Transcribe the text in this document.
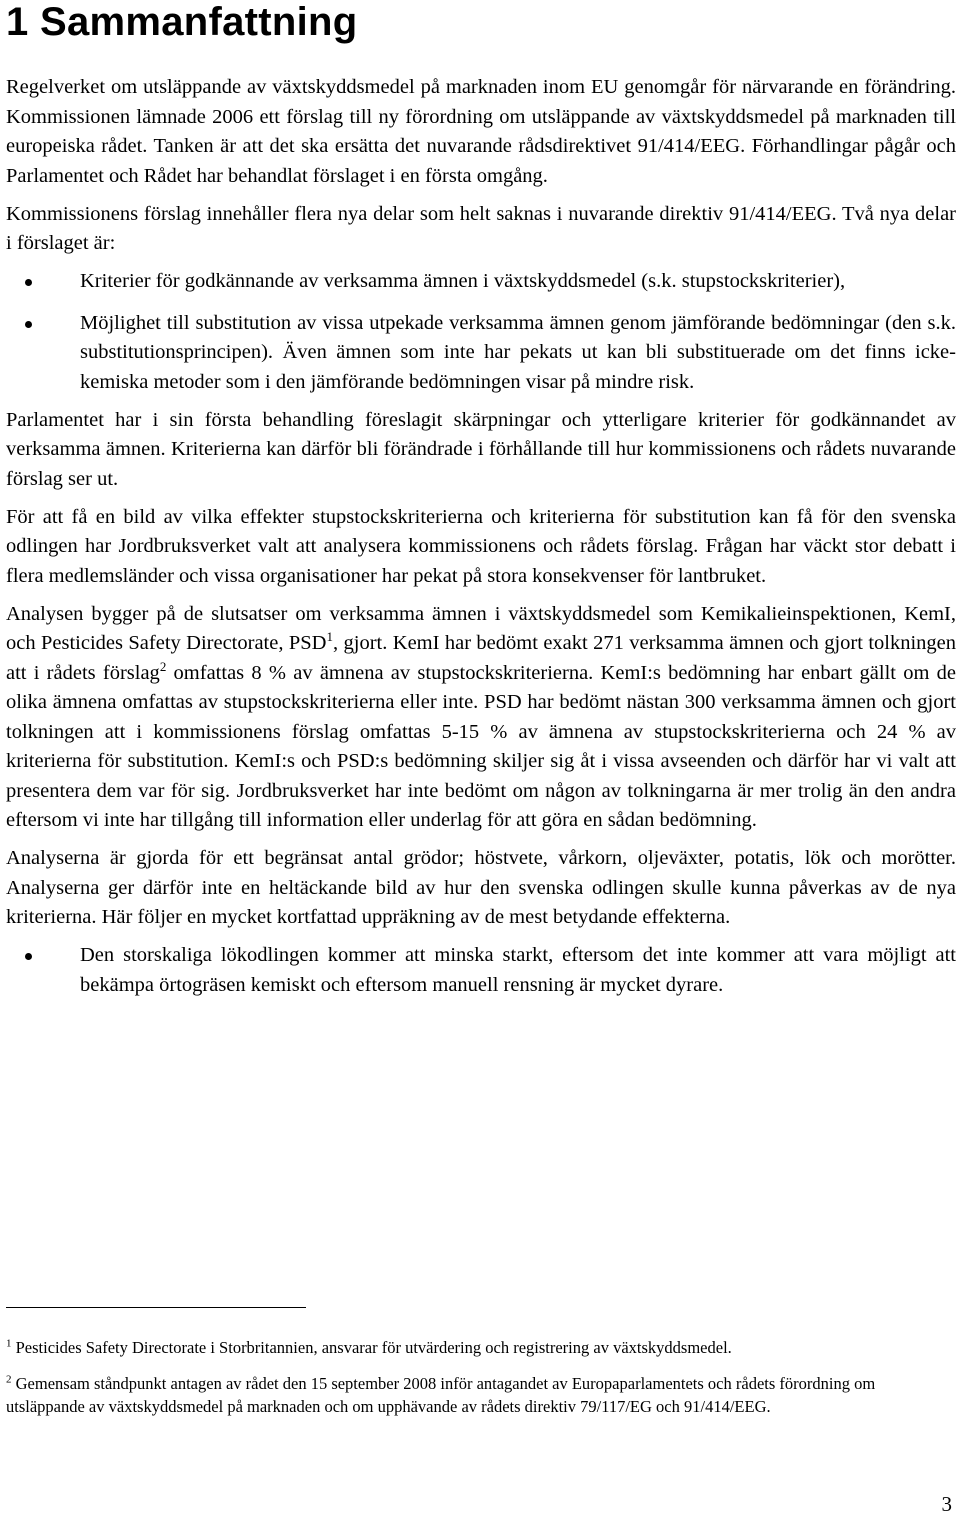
1 Sammanfattning

Regelverket om utsläppande av växtskyddsmedel på marknaden inom EU genomgår för närvarande en förändring. Kommissionen lämnade 2006 ett förslag till ny förordning om utsläppande av växtskyddsmedel på marknaden till europeiska rådet. Tanken är att det ska ersätta det nuvarande rådsdirektivet 91/414/EEG. Förhandlingar pågår och Parlamentet och Rådet har behandlat förslaget i en första omgång.

Kommissionens förslag innehåller flera nya delar som helt saknas i nuvarande direktiv 91/414/EEG. Två nya delar i förslaget är:

Kriterier för godkännande av verksamma ämnen i växtskyddsmedel (s.k. stupstockskriterier),
Möjlighet till substitution av vissa utpekade verksamma ämnen genom jämförande bedömningar (den s.k. substitutionsprincipen). Även ämnen som inte har pekats ut kan bli substituerade om det finns icke-kemiska metoder som i den jämförande bedömningen visar på mindre risk.

Parlamentet har i sin första behandling föreslagit skärpningar och ytterligare kriterier för godkännandet av verksamma ämnen. Kriterierna kan därför bli förändrade i förhållande till hur kommissionens och rådets nuvarande förslag ser ut.

För att få en bild av vilka effekter stupstockskriterierna och kriterierna för substitution kan få för den svenska odlingen har Jordbruksverket valt att analysera kommissionens och rådets förslag. Frågan har väckt stor debatt i flera medlemsländer och vissa organisationer har pekat på stora konsekvenser för lantbruket.

Analysen bygger på de slutsatser om verksamma ämnen i växtskyddsmedel som Kemikalieinspektionen, KemI, och Pesticides Safety Directorate, PSD$^1$, gjort. KemI har bedömt exakt 271 verksamma ämnen och gjort tolkningen att i rådets förslag$^2$ omfattas 8 % av ämnena av stupstockskriterierna. KemI:s bedömning har enbart gällt om de olika ämnena omfattas av stupstockskriterierna eller inte. PSD har bedömt nästan 300 verksamma ämnen och gjort tolkningen att i kommissionens förslag omfattas 5-15 % av ämnena av stupstockskriterierna och 24 % av kriterierna för substitution. KemI:s och PSD:s bedömning skiljer sig åt i vissa avseenden och därför har vi valt att presentera dem var för sig. Jordbruksverket har inte bedömt om någon av tolkningarna är mer trolig än den andra eftersom vi inte har tillgång till information eller underlag för att göra en sådan bedömning.

Analyserna är gjorda för ett begränsat antal grödor; höstvete, vårkorn, oljeväxter, potatis, lök och morötter. Analyserna ger därför inte en heltäckande bild av hur den svenska odlingen skulle kunna påverkas av de nya kriterierna. Här följer en mycket kortfattad uppräkning av de mest betydande effekterna.

Den storskaliga lökodlingen kommer att minska starkt, eftersom det inte kommer att vara möjligt att bekämpa örtogräsen kemiskt och eftersom manuell rensning är mycket dyrare.

$^1$ Pesticides Safety Directorate i Storbritannien, ansvarar för utvärdering och registrering av växtskyddsmedel.

$^2$ Gemensam ståndpunkt antagen av rådet den 15 september 2008 inför antagandet av Europaparlamentets och rådets förordning om utsläppande av växtskyddsmedel på marknaden och om upphävande av rådets direktiv 79/117/EG och 91/414/EEG.

3
